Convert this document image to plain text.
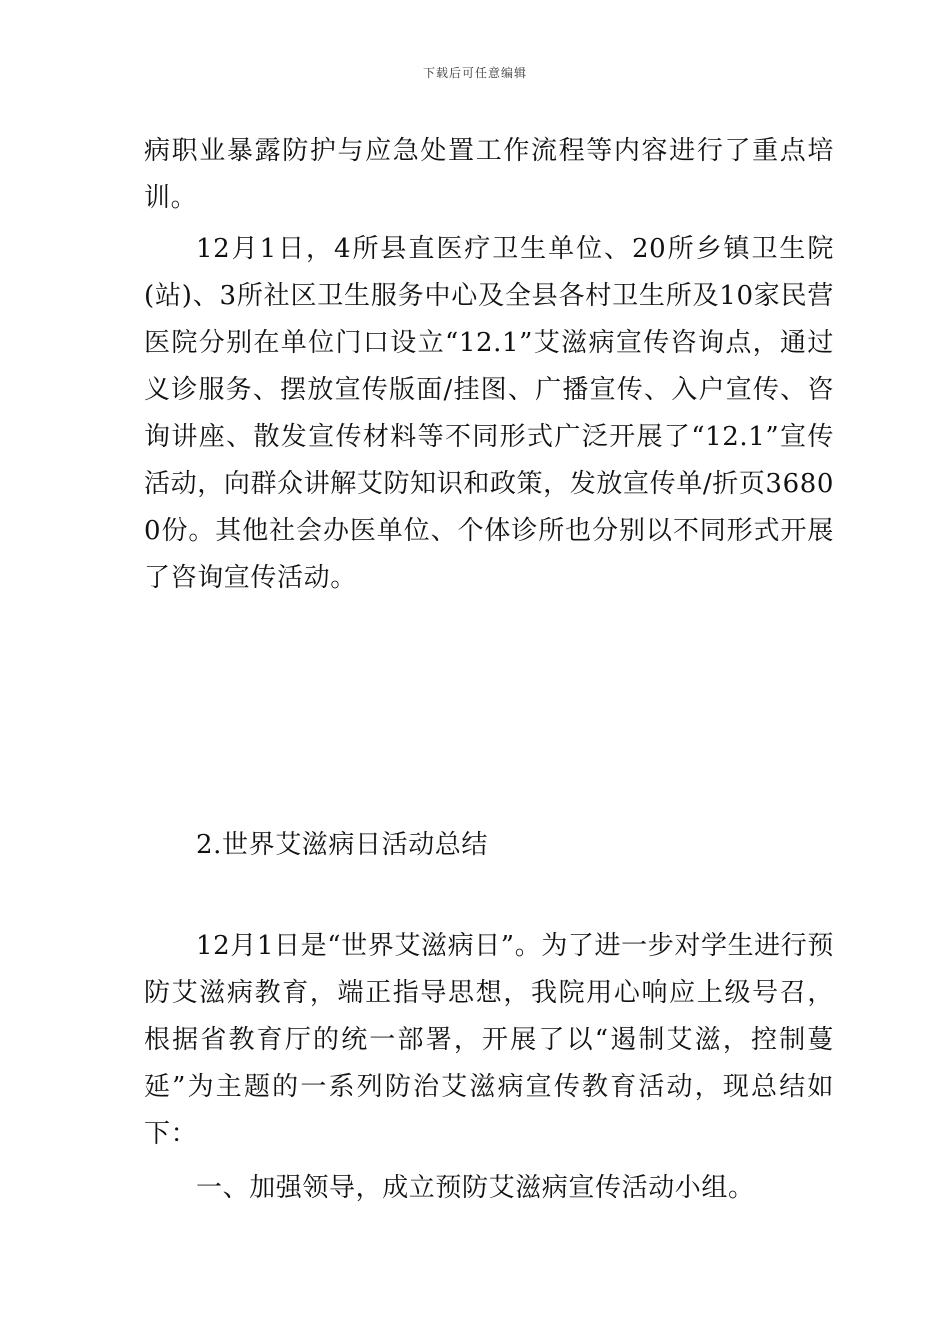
下载后可任意编辑

病职业暴露防护与应急处置工作流程等内容进行了重点培训。

12月1日，4所县直医疗卫生单位、20所乡镇卫生院(站)、3所社区卫生服务中心及全县各村卫生所及10家民营医院分别在单位门口设立“12.1”艾滋病宣传咨询点，通过义诊服务、摆放宣传版面/挂图、广播宣传、入户宣传、咨询讲座、散发宣传材料等不同形式广泛开展了“12.1”宣传活动，向群众讲解艾防知识和政策，发放宣传单/折页36800份。其他社会办医单位、个体诊所也分别以不同形式开展了咨询宣传活动。

2.世界艾滋病日活动总结

12月1日是“世界艾滋病日”。为了进一步对学生进行预防艾滋病教育，端正指导思想，我院用心响应上级号召，根据省教育厅的统一部署，开展了以“遏制艾滋，控制蔓延”为主题的一系列防治艾滋病宣传教育活动，现总结如下：

一、加强领导，成立预防艾滋病宣传活动小组。
